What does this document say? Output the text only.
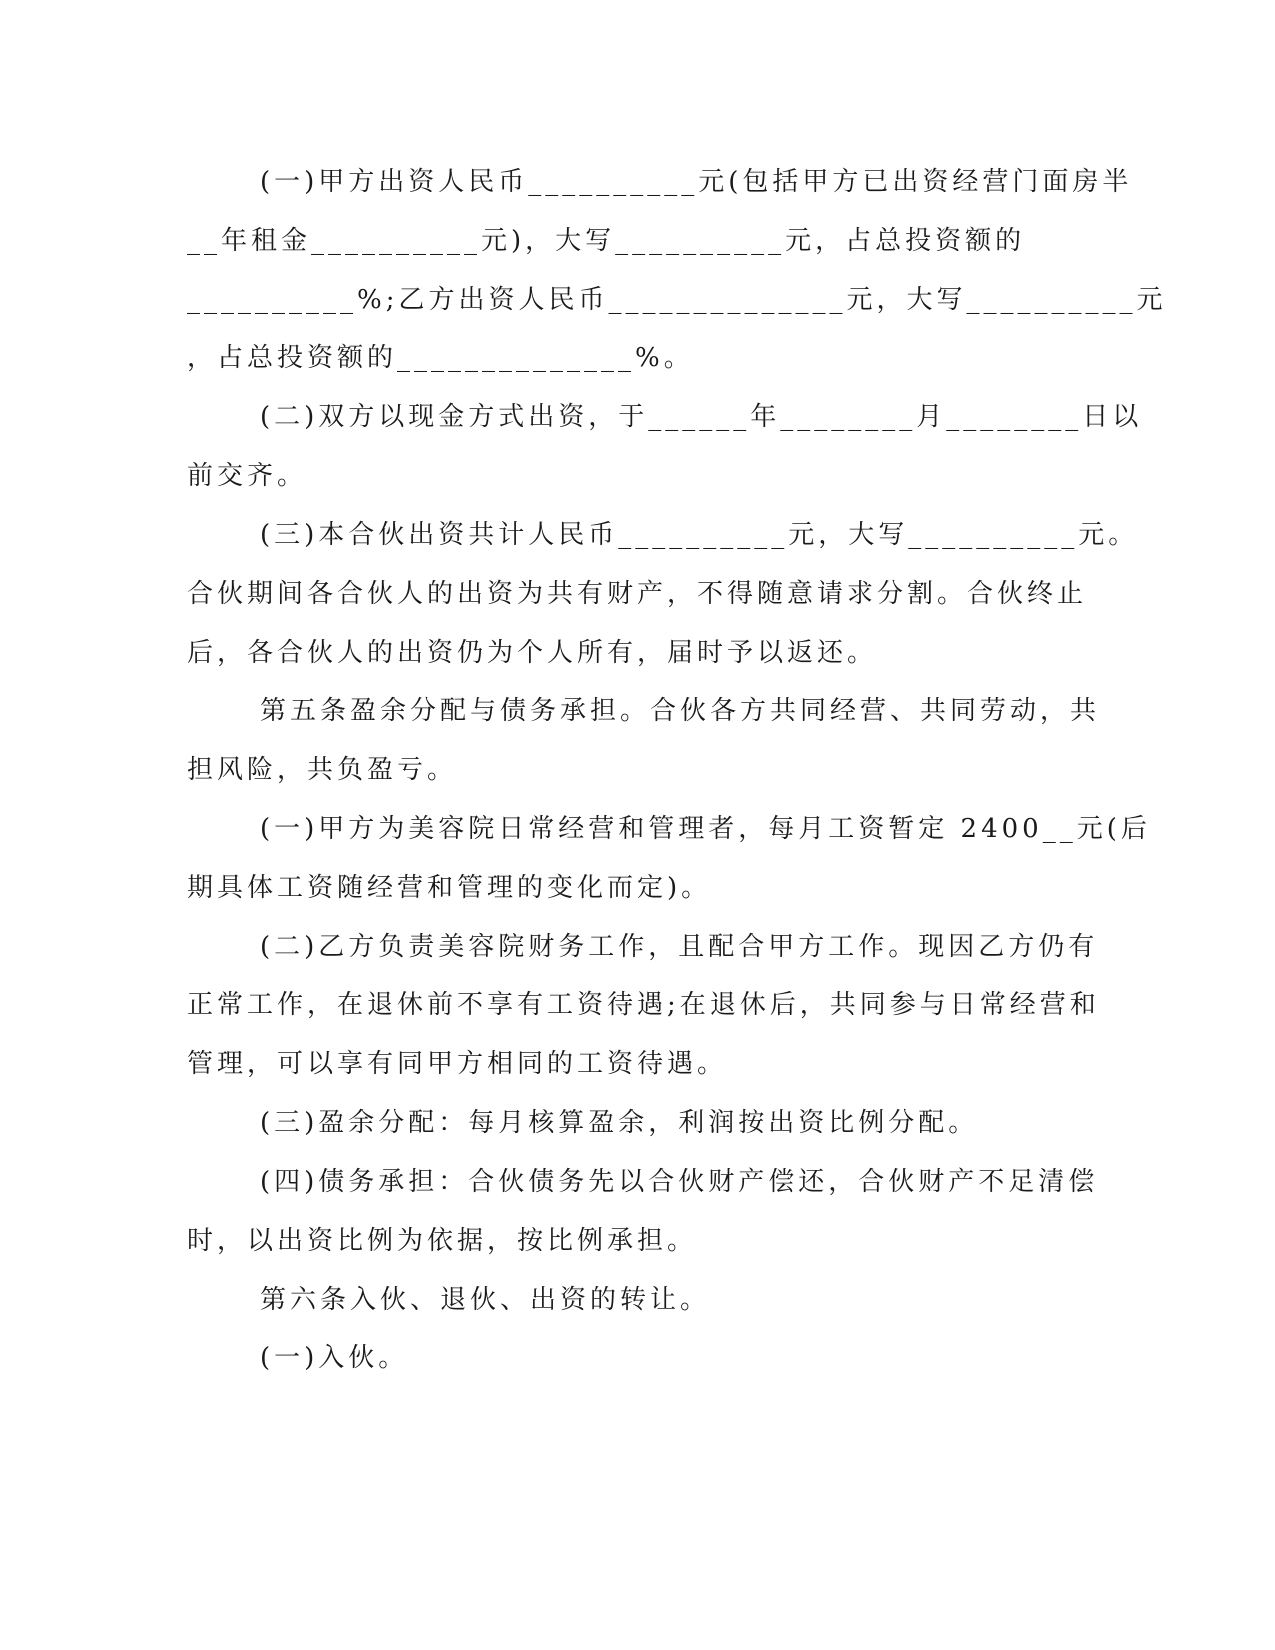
(一)甲方出资人民币__________元(包括甲方已出资经营门面房半
__年租金__________元)，大写__________元，占总投资额的
__________%;乙方出资人民币______________元，大写__________元
，占总投资额的______________%。
(二)双方以现金方式出资，于______年________月________日以
前交齐。
(三)本合伙出资共计人民币__________元，大写__________元。
合伙期间各合伙人的出资为共有财产，不得随意请求分割。合伙终止
后，各合伙人的出资仍为个人所有，届时予以返还。
第五条盈余分配与债务承担。合伙各方共同经营、共同劳动，共
担风险，共负盈亏。
(一)甲方为美容院日常经营和管理者，每月工资暂定 2400__元(后
期具体工资随经营和管理的变化而定)。
(二)乙方负责美容院财务工作，且配合甲方工作。现因乙方仍有
正常工作，在退休前不享有工资待遇;在退休后，共同参与日常经营和
管理，可以享有同甲方相同的工资待遇。
(三)盈余分配：每月核算盈余，利润按出资比例分配。
(四)债务承担：合伙债务先以合伙财产偿还，合伙财产不足清偿
时，以出资比例为依据，按比例承担。
第六条入伙、退伙、出资的转让。
(一)入伙。
